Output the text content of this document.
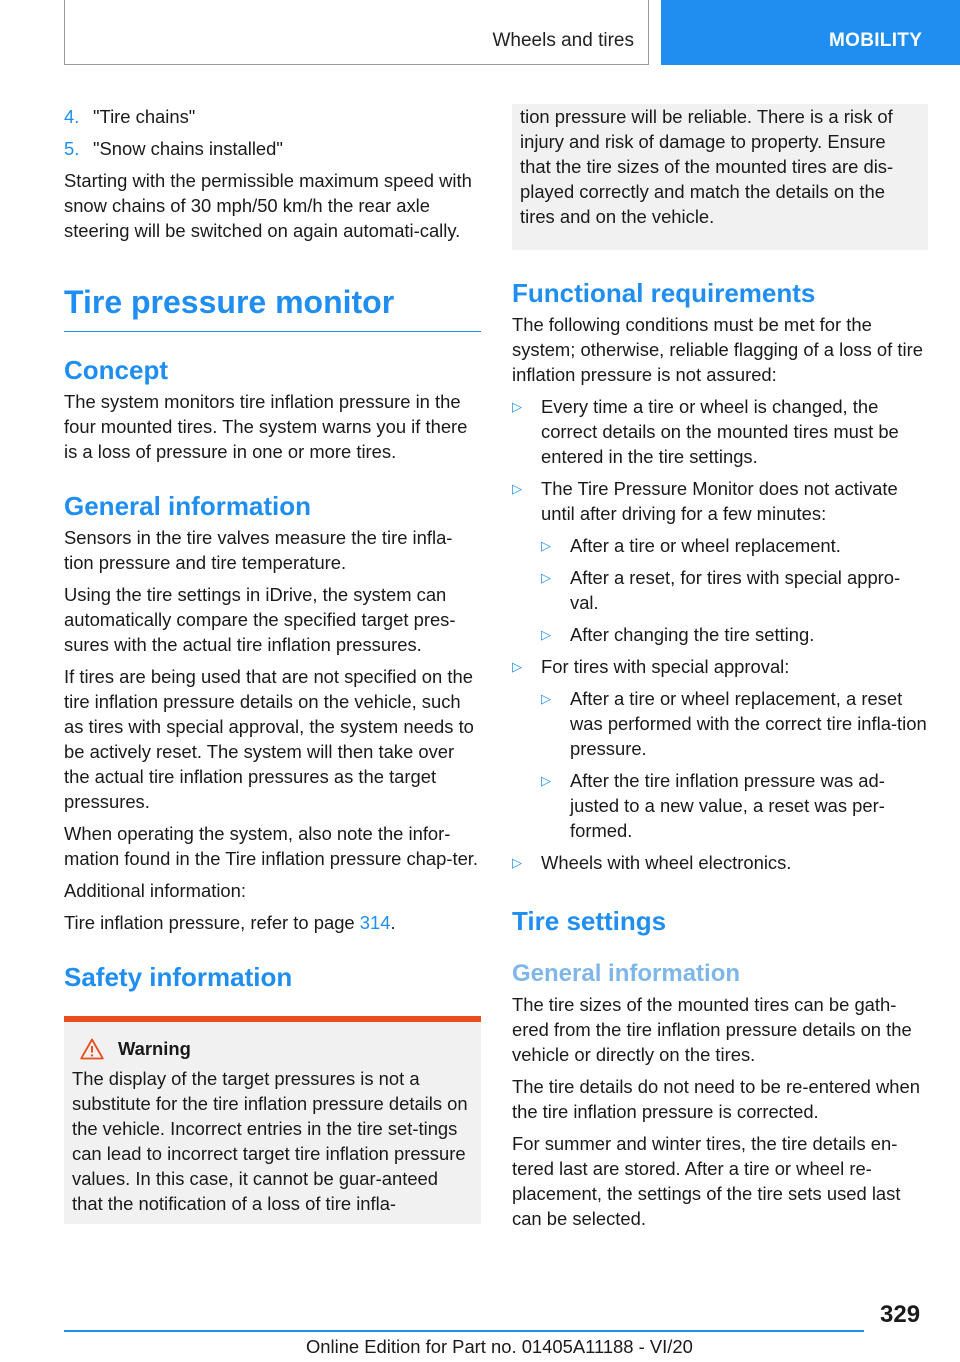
Wheels and tires	MOBILITY
4. "Tire chains"
5. "Snow chains installed"

Starting with the permissible maximum speed with snow chains of 30 mph/50 km/h the rear axle steering will be switched on again automati‐cally.

Tire pressure monitor
Concept

The system monitors tire inflation pressure in the four mounted tires. The system warns you if there is a loss of pressure in one or more tires.

General information

Sensors in the tire valves measure the tire infla‐tion pressure and tire temperature.

Using the tire settings in iDrive, the system can automatically compare the specified target pres‐sures with the actual tire inflation pressures.

If tires are being used that are not specified on the tire inflation pressure details on the vehicle, such as tires with special approval, the system needs to be actively reset. The system will then take over the actual tire inflation pressures as the target pressures.

When operating the system, also note the infor‐mation found in the Tire inflation pressure chap‐ter.

Additional information:

Tire inflation pressure, refer to page 314.

Safety information
Warning

The display of the target pressures is not a substitute for the tire inflation pressure details on the vehicle. Incorrect entries in the tire set‐tings can lead to incorrect target tire inflation pressure values. In this case, it cannot be guar‐anteed that the notification of a loss of tire infla‐

tion pressure will be reliable. There is a risk of injury and risk of damage to property. Ensure that the tire sizes of the mounted tires are dis‐played correctly and match the details on the tires and on the vehicle.

Functional requirements

The following conditions must be met for the system; otherwise, reliable flagging of a loss of tire inflation pressure is not assured:

▷	Every time a tire or wheel is changed, the correct details on the mounted tires must be entered in the tire settings.
▷	The Tire Pressure Monitor does not activate until after driving for a few minutes:
▷	After a tire or wheel replacement.
▷	After a reset, for tires with special appro‐val.
▷	After changing the tire setting.
▷	For tires with special approval:
▷	After a tire or wheel replacement, a reset was performed with the correct tire infla‐tion pressure.
▷	After the tire inflation pressure was ad‐justed to a new value, a reset was per‐formed.
▷	Wheels with wheel electronics.
Tire settings
General information

The tire sizes of the mounted tires can be gath‐ered from the tire inflation pressure details on the vehicle or directly on the tires.

The tire details do not need to be re-entered when the tire inflation pressure is corrected.

For summer and winter tires, the tire details en‐tered last are stored. After a tire or wheel re‐placement, the settings of the tire sets used last can be selected.

329
Online Edition for Part no. 01405A11188 - VI/20
